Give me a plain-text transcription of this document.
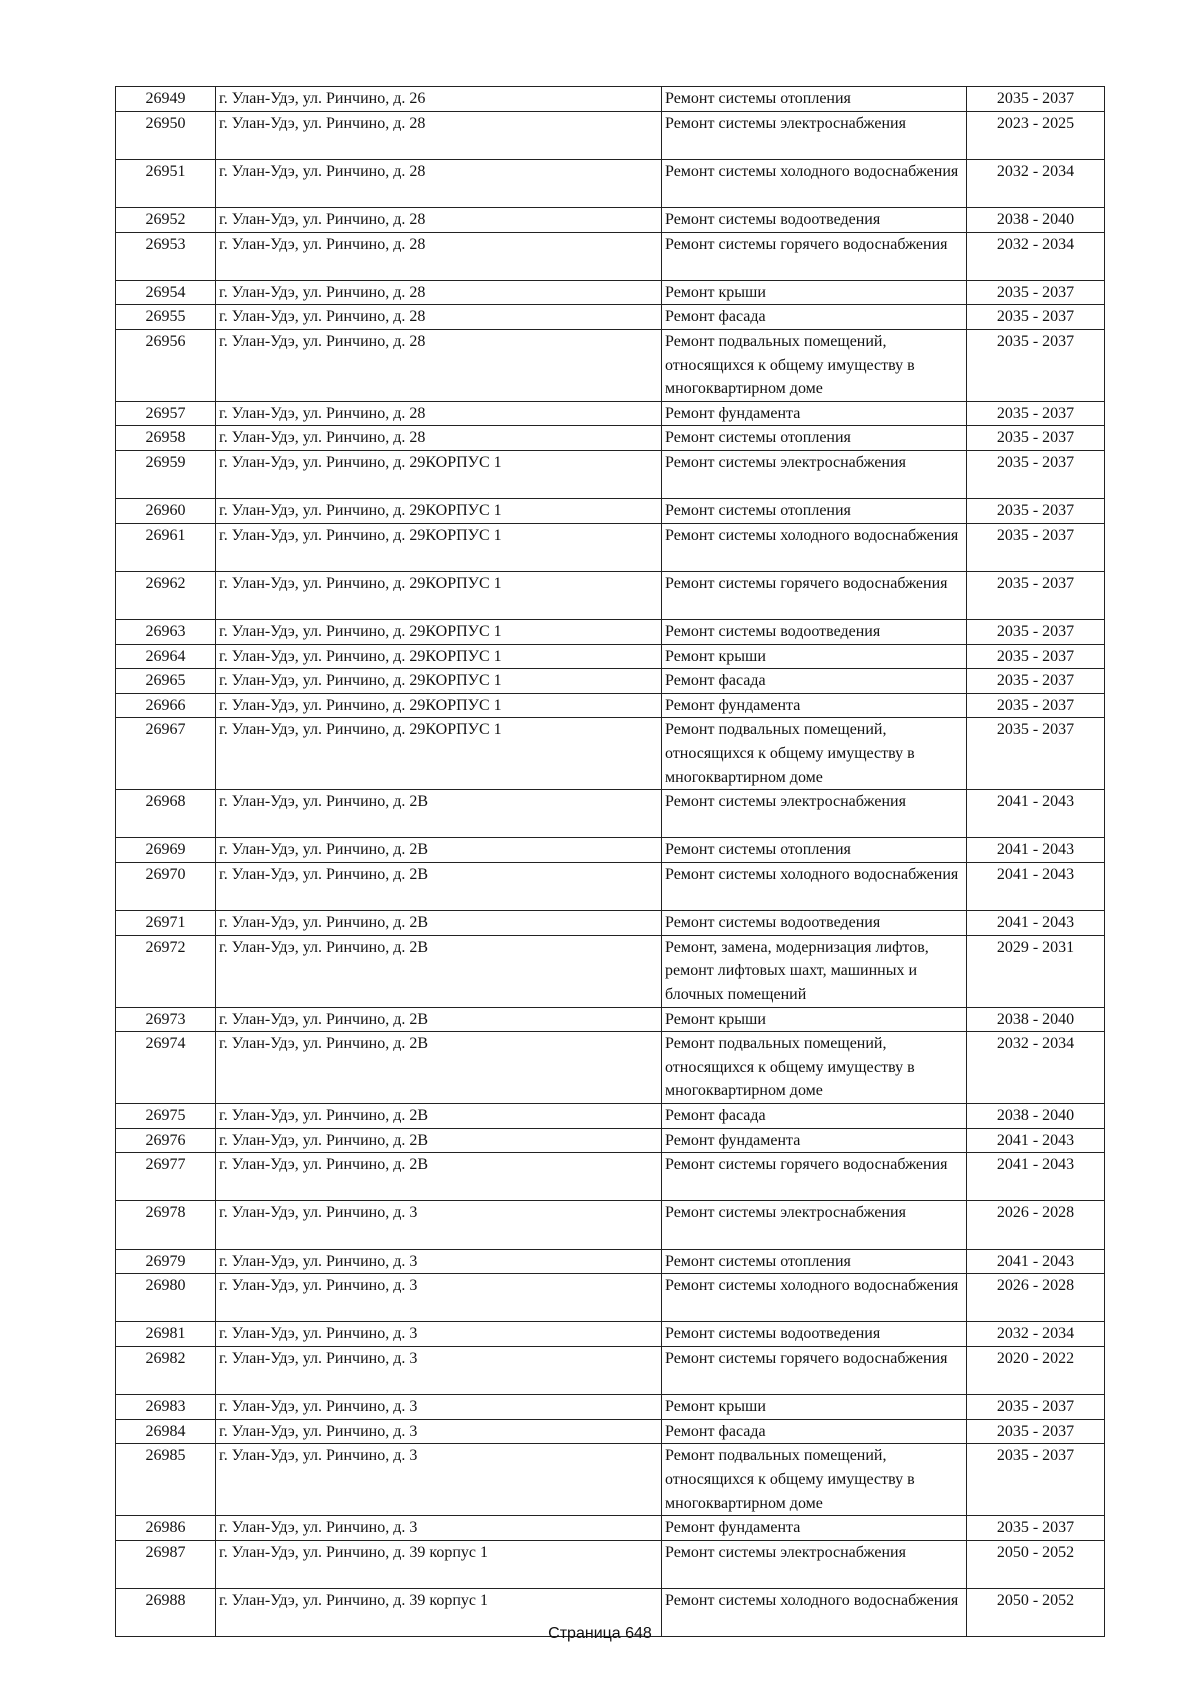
26949	г. Улан-Удэ, ул. Ринчино, д. 26	Ремонт системы отопления	2035 - 2037
26950	г. Улан-Удэ, ул. Ринчино, д. 28	Ремонт системы электроснабжения	2023 - 2025
26951	г. Улан-Удэ, ул. Ринчино, д. 28	Ремонт системы холодного водоснабжения	2032 - 2034
26952	г. Улан-Удэ, ул. Ринчино, д. 28	Ремонт системы водоотведения	2038 - 2040
26953	г. Улан-Удэ, ул. Ринчино, д. 28	Ремонт системы горячего водоснабжения	2032 - 2034
26954	г. Улан-Удэ, ул. Ринчино, д. 28	Ремонт крыши	2035 - 2037
26955	г. Улан-Удэ, ул. Ринчино, д. 28	Ремонт фасада	2035 - 2037
26956	г. Улан-Удэ, ул. Ринчино, д. 28	Ремонт подвальных помещений, относящихся к общему имуществу в многоквартирном доме	2035 - 2037
26957	г. Улан-Удэ, ул. Ринчино, д. 28	Ремонт фундамента	2035 - 2037
26958	г. Улан-Удэ, ул. Ринчино, д. 28	Ремонт системы отопления	2035 - 2037
26959	г. Улан-Удэ, ул. Ринчино, д. 29КОРПУС 1	Ремонт системы электроснабжения	2035 - 2037
26960	г. Улан-Удэ, ул. Ринчино, д. 29КОРПУС 1	Ремонт системы отопления	2035 - 2037
26961	г. Улан-Удэ, ул. Ринчино, д. 29КОРПУС 1	Ремонт системы холодного водоснабжения	2035 - 2037
26962	г. Улан-Удэ, ул. Ринчино, д. 29КОРПУС 1	Ремонт системы горячего водоснабжения	2035 - 2037
26963	г. Улан-Удэ, ул. Ринчино, д. 29КОРПУС 1	Ремонт системы водоотведения	2035 - 2037
26964	г. Улан-Удэ, ул. Ринчино, д. 29КОРПУС 1	Ремонт крыши	2035 - 2037
26965	г. Улан-Удэ, ул. Ринчино, д. 29КОРПУС 1	Ремонт фасада	2035 - 2037
26966	г. Улан-Удэ, ул. Ринчино, д. 29КОРПУС 1	Ремонт фундамента	2035 - 2037
26967	г. Улан-Удэ, ул. Ринчино, д. 29КОРПУС 1	Ремонт подвальных помещений, относящихся к общему имуществу в многоквартирном доме	2035 - 2037
26968	г. Улан-Удэ, ул. Ринчино, д. 2В	Ремонт системы электроснабжения	2041 - 2043
26969	г. Улан-Удэ, ул. Ринчино, д. 2В	Ремонт системы отопления	2041 - 2043
26970	г. Улан-Удэ, ул. Ринчино, д. 2В	Ремонт системы холодного водоснабжения	2041 - 2043
26971	г. Улан-Удэ, ул. Ринчино, д. 2В	Ремонт системы водоотведения	2041 - 2043
26972	г. Улан-Удэ, ул. Ринчино, д. 2В	Ремонт, замена, модернизация лифтов, ремонт лифтовых шахт, машинных и блочных помещений	2029 - 2031
26973	г. Улан-Удэ, ул. Ринчино, д. 2В	Ремонт крыши	2038 - 2040
26974	г. Улан-Удэ, ул. Ринчино, д. 2В	Ремонт подвальных помещений, относящихся к общему имуществу в многоквартирном доме	2032 - 2034
26975	г. Улан-Удэ, ул. Ринчино, д. 2В	Ремонт фасада	2038 - 2040
26976	г. Улан-Удэ, ул. Ринчино, д. 2В	Ремонт фундамента	2041 - 2043
26977	г. Улан-Удэ, ул. Ринчино, д. 2В	Ремонт системы горячего водоснабжения	2041 - 2043
26978	г. Улан-Удэ, ул. Ринчино, д. 3	Ремонт системы электроснабжения	2026 - 2028
26979	г. Улан-Удэ, ул. Ринчино, д. 3	Ремонт системы отопления	2041 - 2043
26980	г. Улан-Удэ, ул. Ринчино, д. 3	Ремонт системы холодного водоснабжения	2026 - 2028
26981	г. Улан-Удэ, ул. Ринчино, д. 3	Ремонт системы водоотведения	2032 - 2034
26982	г. Улан-Удэ, ул. Ринчино, д. 3	Ремонт системы горячего водоснабжения	2020 - 2022
26983	г. Улан-Удэ, ул. Ринчино, д. 3	Ремонт крыши	2035 - 2037
26984	г. Улан-Удэ, ул. Ринчино, д. 3	Ремонт фасада	2035 - 2037
26985	г. Улан-Удэ, ул. Ринчино, д. 3	Ремонт подвальных помещений, относящихся к общему имуществу в многоквартирном доме	2035 - 2037
26986	г. Улан-Удэ, ул. Ринчино, д. 3	Ремонт фундамента	2035 - 2037
26987	г. Улан-Удэ, ул. Ринчино, д. 39 корпус 1	Ремонт системы электроснабжения	2050 - 2052
26988	г. Улан-Удэ, ул. Ринчино, д. 39 корпус 1	Ремонт системы холодного водоснабжения	2050 - 2052
Страница 648
